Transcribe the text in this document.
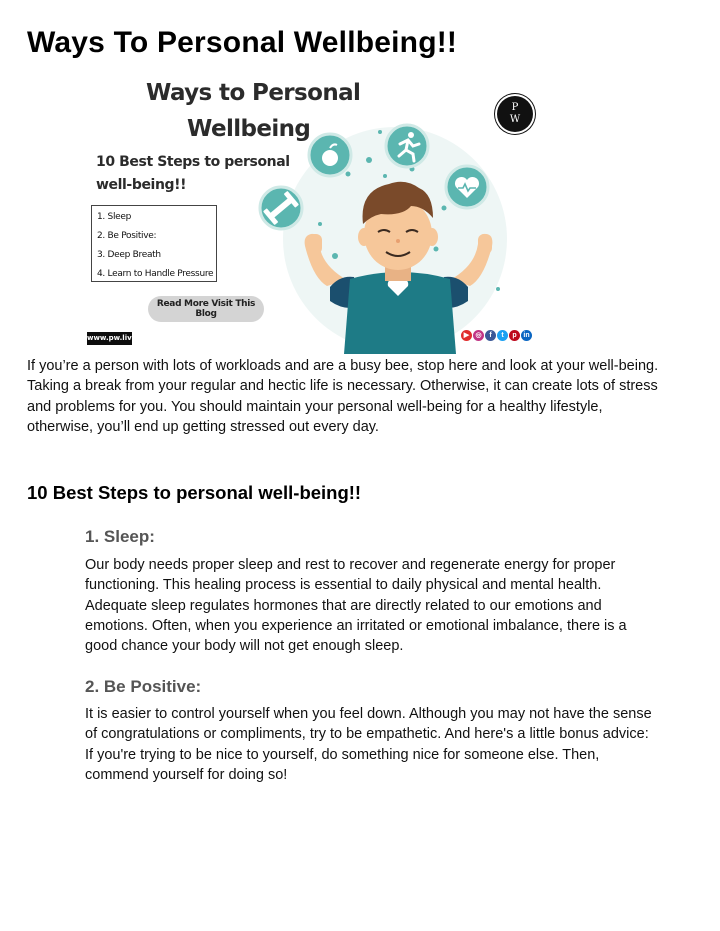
Ways To Personal Wellbeing!!
Ways to Personal
Wellbeing
10 Best Steps to personal
well-being!!
1. Sleep
2. Be Positive:
3. Deep Breath
4. Learn to Handle Pressure
Read More Visit This Blog
www.pw.live
P
W
▶ ◎	f	t	p in

If you’re a person with lots of workloads and are a busy bee, stop here and look at your well-being. Taking a break from your regular and hectic life is necessary. Otherwise, it can create lots of stress and problems for you. You should maintain your personal well-being for a healthy lifestyle, otherwise, you’ll end up getting stressed out every day.

10 Best Steps to personal well-being!!
1. Sleep:

Our body needs proper sleep and rest to recover and regenerate energy for proper functioning. This healing process is essential to daily physical and mental health. Adequate sleep regulates hormones that are directly related to our emotions and emotions. Often, when you experience an irritated or emotional imbalance, there is a good chance your body will not get enough sleep.

2. Be Positive:

It is easier to control yourself when you feel down. Although you may not have the sense of congratulations or compliments, try to be empathetic. And here's a little bonus advice: If you're trying to be nice to yourself, do something nice for someone else. Then, commend yourself for doing so!
